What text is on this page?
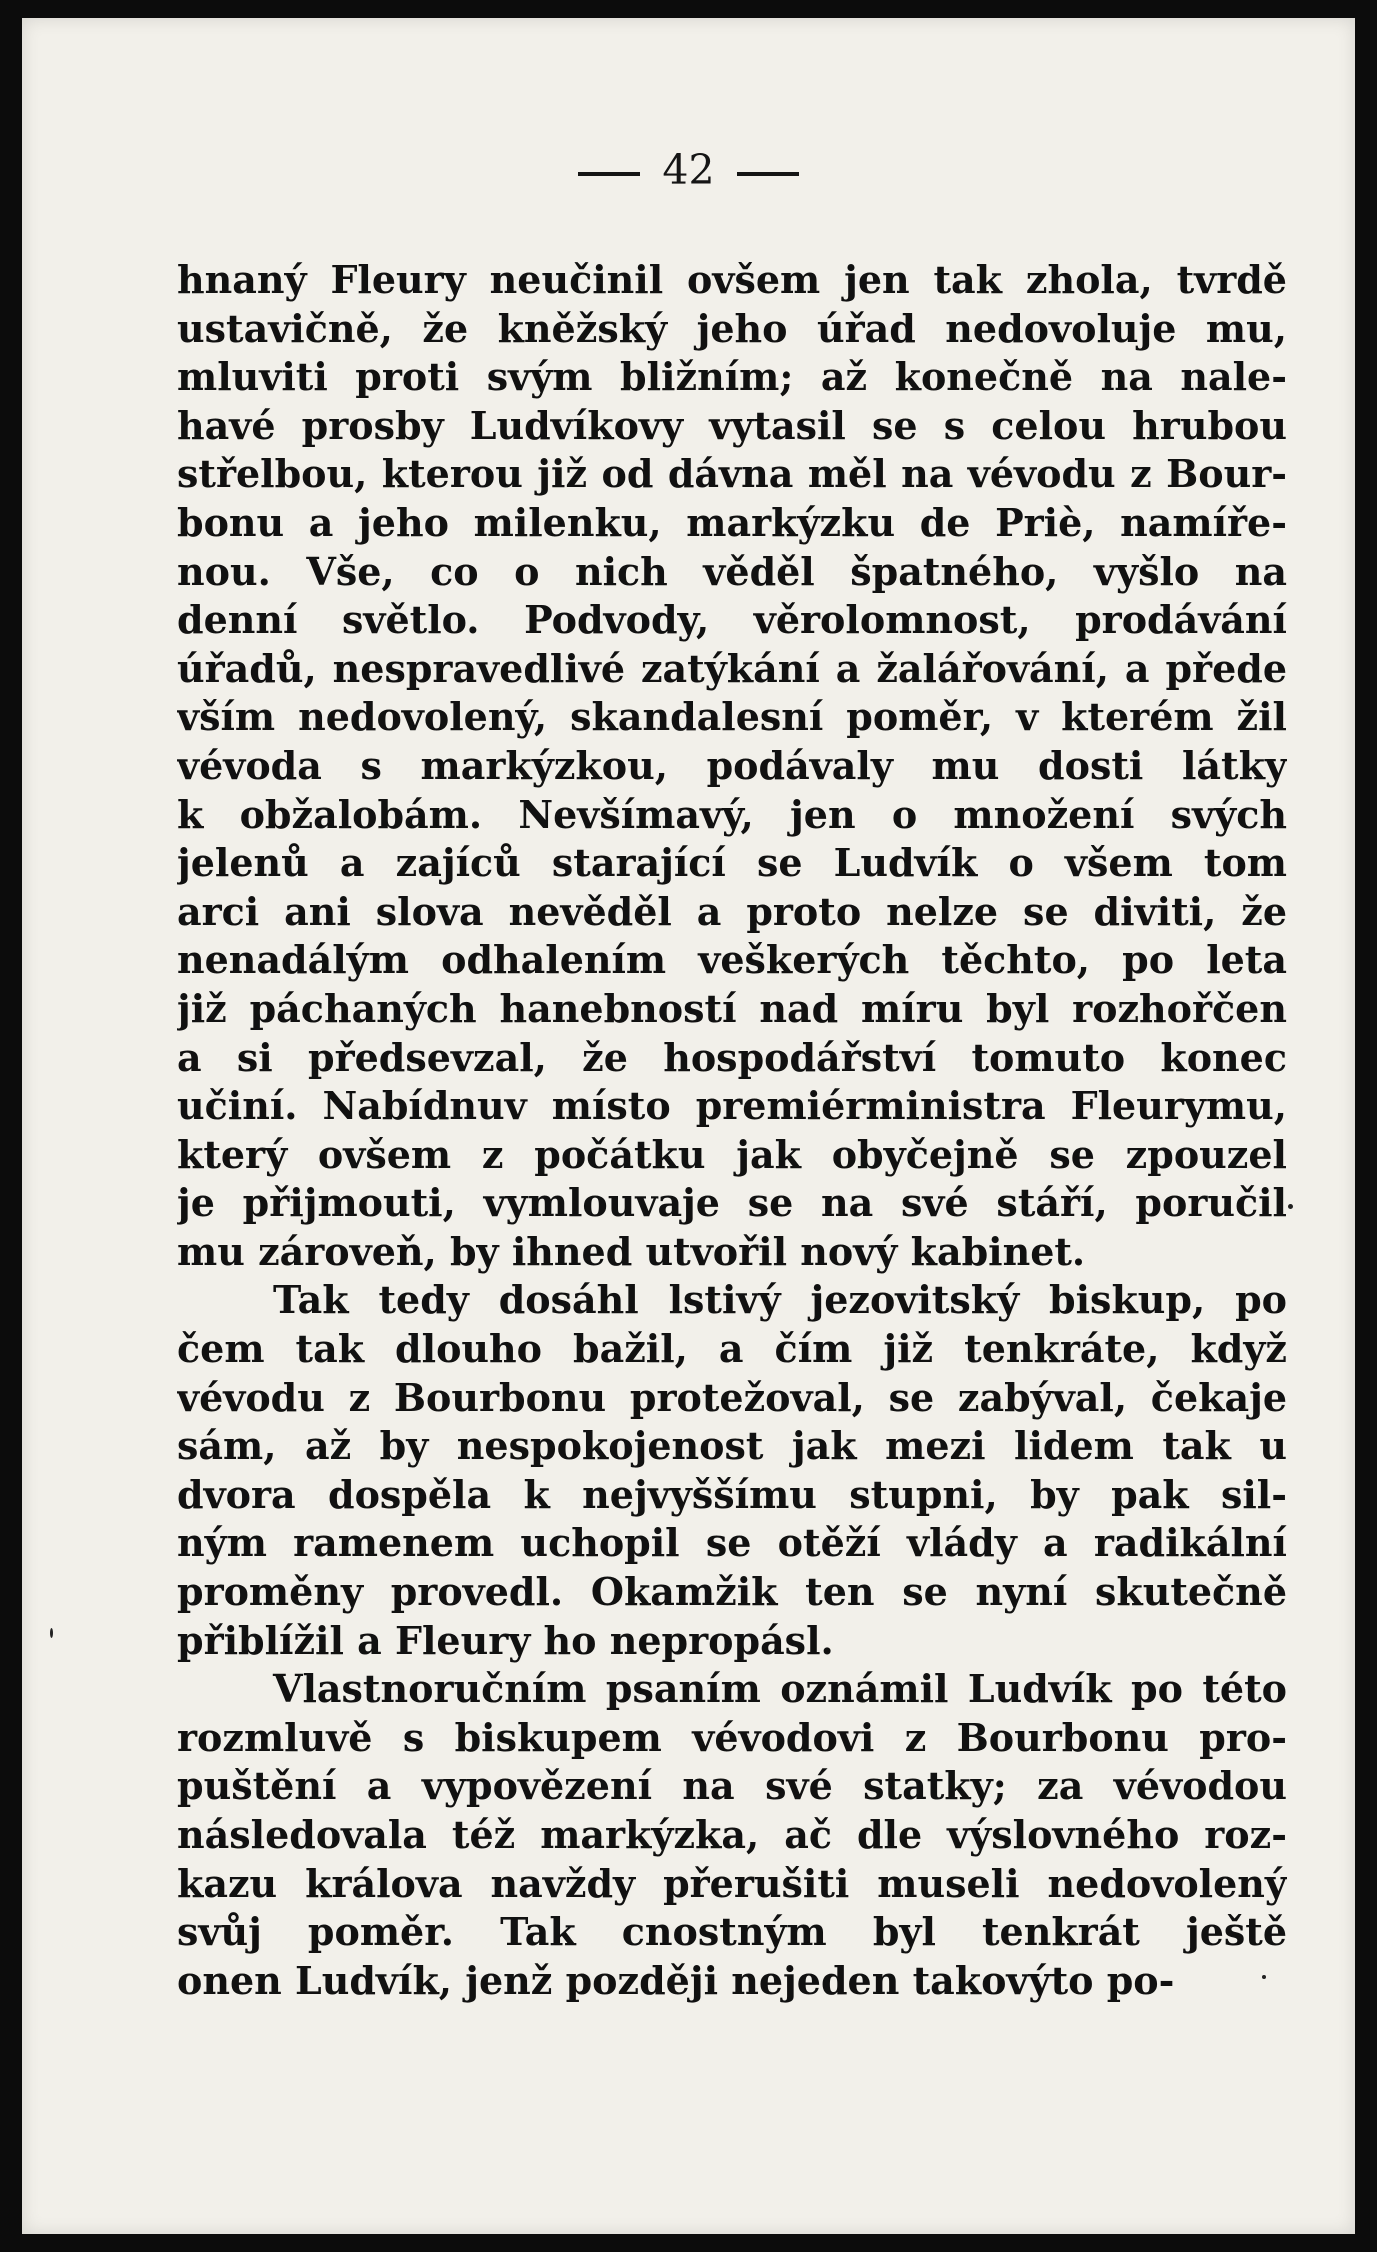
42
hnaný Fleury neučinil ovšem jen tak zhola, tvrdě
ustavičně, že kněžský jeho úřad nedovoluje mu,
mluviti proti svým bližním; až konečně na nale-
havé prosby Ludvíkovy vytasil se s celou hrubou
střelbou, kterou již od dávna měl na vévodu z Bour-
bonu a jeho milenku, markýzku de Priè, namíře-
nou. Vše, co o nich věděl špatného, vyšlo na
denní světlo. Podvody, věrolomnost, prodávání
úřadů, nespravedlivé zatýkání a žalářování, a přede
vším nedovolený, skandalesní poměr, v kterém žil
vévoda s markýzkou, podávaly mu dosti látky
k obžalobám. Nevšímavý, jen o množení svých
jelenů a zajíců starající se Ludvík o všem tom
arci ani slova nevěděl a proto nelze se diviti, že
nenadálým odhalením veškerých těchto, po leta
již páchaných hanebností nad míru byl rozhořčen
a si předsevzal, že hospodářství tomuto konec
učiní. Nabídnuv místo premiérministra Fleurymu,
který ovšem z počátku jak obyčejně se zpouzel
je přijmouti, vymlouvaje se na své stáří, poručil
mu zároveň, by ihned utvořil nový kabinet.
Tak tedy dosáhl lstivý jezovitský biskup, po
čem tak dlouho bažil, a čím již tenkráte, když
vévodu z Bourbonu protežoval, se zabýval, čekaje
sám, až by nespokojenost jak mezi lidem tak u
dvora dospěla k nejvyššímu stupni, by pak sil-
ným ramenem uchopil se otěží vlády a radikální
proměny provedl. Okamžik ten se nyní skutečně
přiblížil a Fleury ho nepropásl.
Vlastnoručním psaním oznámil Ludvík po této
rozmluvě s biskupem vévodovi z Bourbonu pro-
puštění a vypovězení na své statky; za vévodou
následovala též markýzka, ač dle výslovného roz-
kazu králova navždy přerušiti museli nedovolený
svůj poměr. Tak cnostným byl tenkrát ještě
onen Ludvík, jenž později nejeden takovýto po-
